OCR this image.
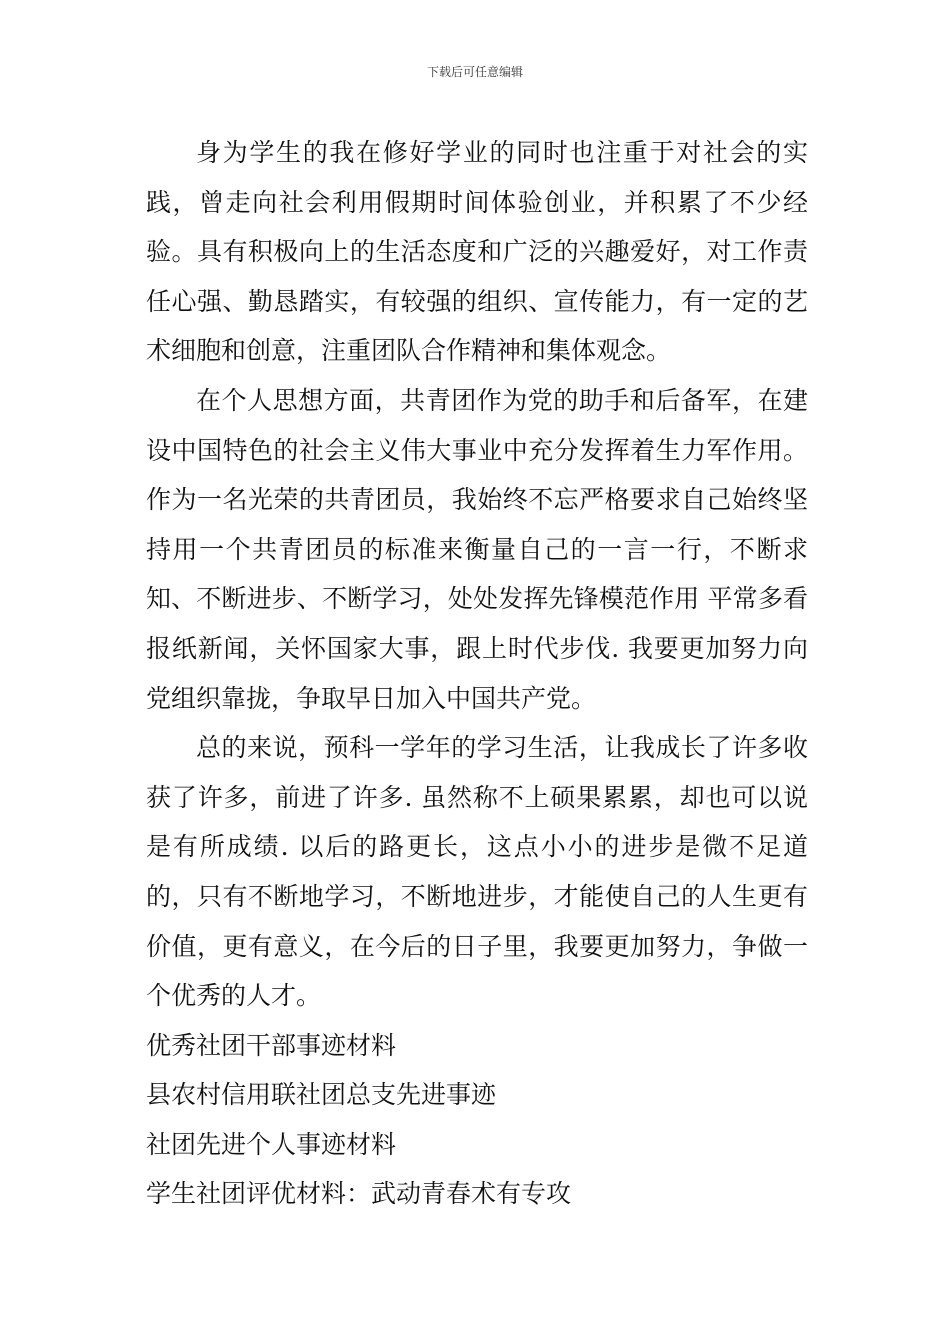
下载后可任意编辑

身为学生的我在修好学业的同时也注重于对社会的实践，曾走向社会利用假期时间体验创业，并积累了不少经验。具有积极向上的生活态度和广泛的兴趣爱好，对工作责任心强、勤恳踏实，有较强的组织、宣传能力，有一定的艺术细胞和创意，注重团队合作精神和集体观念。

在个人思想方面，共青团作为党的助手和后备军，在建设中国特色的社会主义伟大事业中充分发挥着生力军作用。作为一名光荣的共青团员，我始终不忘严格要求自己始终坚持用一个共青团员的标准来衡量自己的一言一行，不断求知、不断进步、不断学习，处处发挥先锋模范作用 平常多看报纸新闻，关怀国家大事，跟上时代步伐. 我要更加努力向党组织靠拢，争取早日加入中国共产党。

总的来说，预科一学年的学习生活，让我成长了许多收获了许多，前进了许多. 虽然称不上硕果累累，却也可以说是有所成绩. 以后的路更长，这点小小的进步是微不足道的，只有不断地学习，不断地进步，才能使自己的人生更有价值，更有意义，在今后的日子里，我要更加努力，争做一个优秀的人才。

优秀社团干部事迹材料
县农村信用联社团总支先进事迹
社团先进个人事迹材料
学生社团评优材料：武动青春术有专攻
